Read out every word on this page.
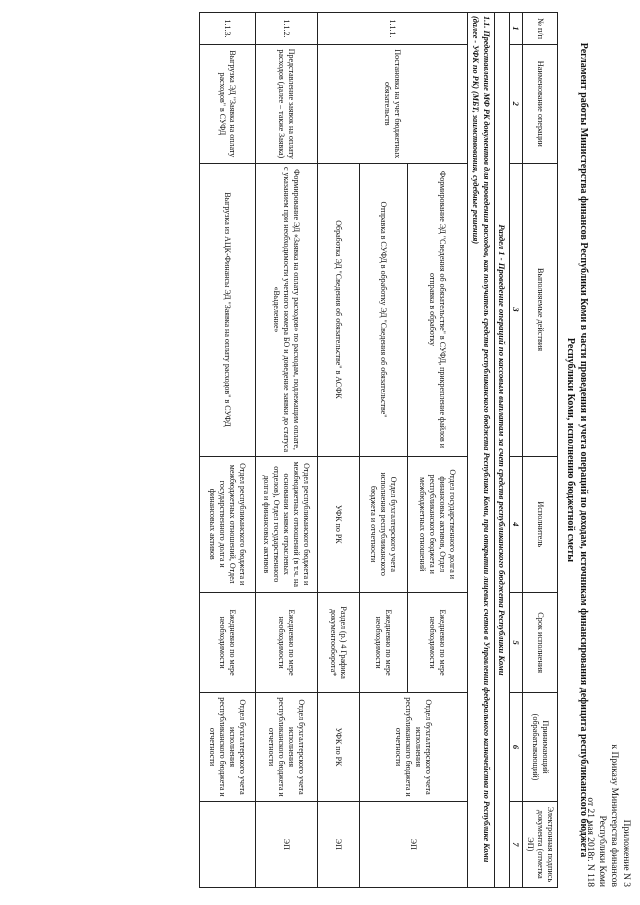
Приложение N 3
к Приказу Министерства финансов
Республики Коми
от 21 мая 2018г. N 118
Регламент работы Министерства финансов Республики Коми в части проведения и учета операций по доходам, источникам финансирования дефицита республиканского бюджета
Республики Коми, исполнению бюджетной сметы
№ п/п	Наименование операции	Выполняемые действия	Исполнитель	Срок исполнения	Принимающий (обрабатывающий)	Электронная подпись документа (отметка ЭП)
1	2	3	4	5	6	7
Раздел 1 - Проведение операций по кассовым выплатам за счет средств республиканского бюджета Республики Коми						
1.1. Предоставление МФ РК документов для проведения расходов, как получатель средств республиканского бюджета Республики Коми, при открытии лицевых счетов в Управлении федерального казначейства по Республике Коми (далее - УФК по РК) (МБТ, заимствования, судебные решения)						
1.1.1.	Постановка на учет бюджетных обязательств	Формирование ЭД "Сведения об обязательстве" в СУФД, прикрепление файлов и отправка в обработку	Отдел государственного долга и финансовых активов, Отдел республиканского бюджета и межбюджетных отношений	Ежедневно по мере необходимости	Отдел бухгалтерского учета исполнения республиканского бюджета и отчетности	ЭП
		Отправка в СУФД в обработку ЭД "Сведения об обязательстве"	Отдел бухгалтерского учета исполнения республиканского бюджета и отчетности	Ежедневно по мере необходимости		
		Обработка ЭД "Сведения об обязательстве" в АСФК	УФК по РК	Раздел (р.) 4 Графика документооборота*	УФК по РК	ЭП
1.1.2.	Представление заявок на оплату расходов (далее – также Заявка)	Формирование ЭД «Заявка на оплату расходов» по расходам, подлежащим оплате, с указанием при необходимости учетного номера БО и доведение заявки до статуса «Выделение»	Отдел республиканского бюджета и межбюджетных отношений (в т.ч. на основании заявок отраслевых отделов), Отдел государственного долга и финансовых активов	Ежедневно по мере необходимости	Отдел бухгалтерского учета исполнения республиканского бюджета и отчетности	ЭП
1.1.3.	Выгрузка ЭД "Заявка на оплату расходов" в СУФД	Выгрузка из АЦК-Финансы ЭД "Заявка на оплату расходов" в СУФД	Отдел республиканского бюджета и межбюджетных отношений, Отдел государственного долга и финансовых активов	Ежедневно по мере необходимости	Отдел бухгалтерского учета исполнения республиканского бюджета и отчетности	
